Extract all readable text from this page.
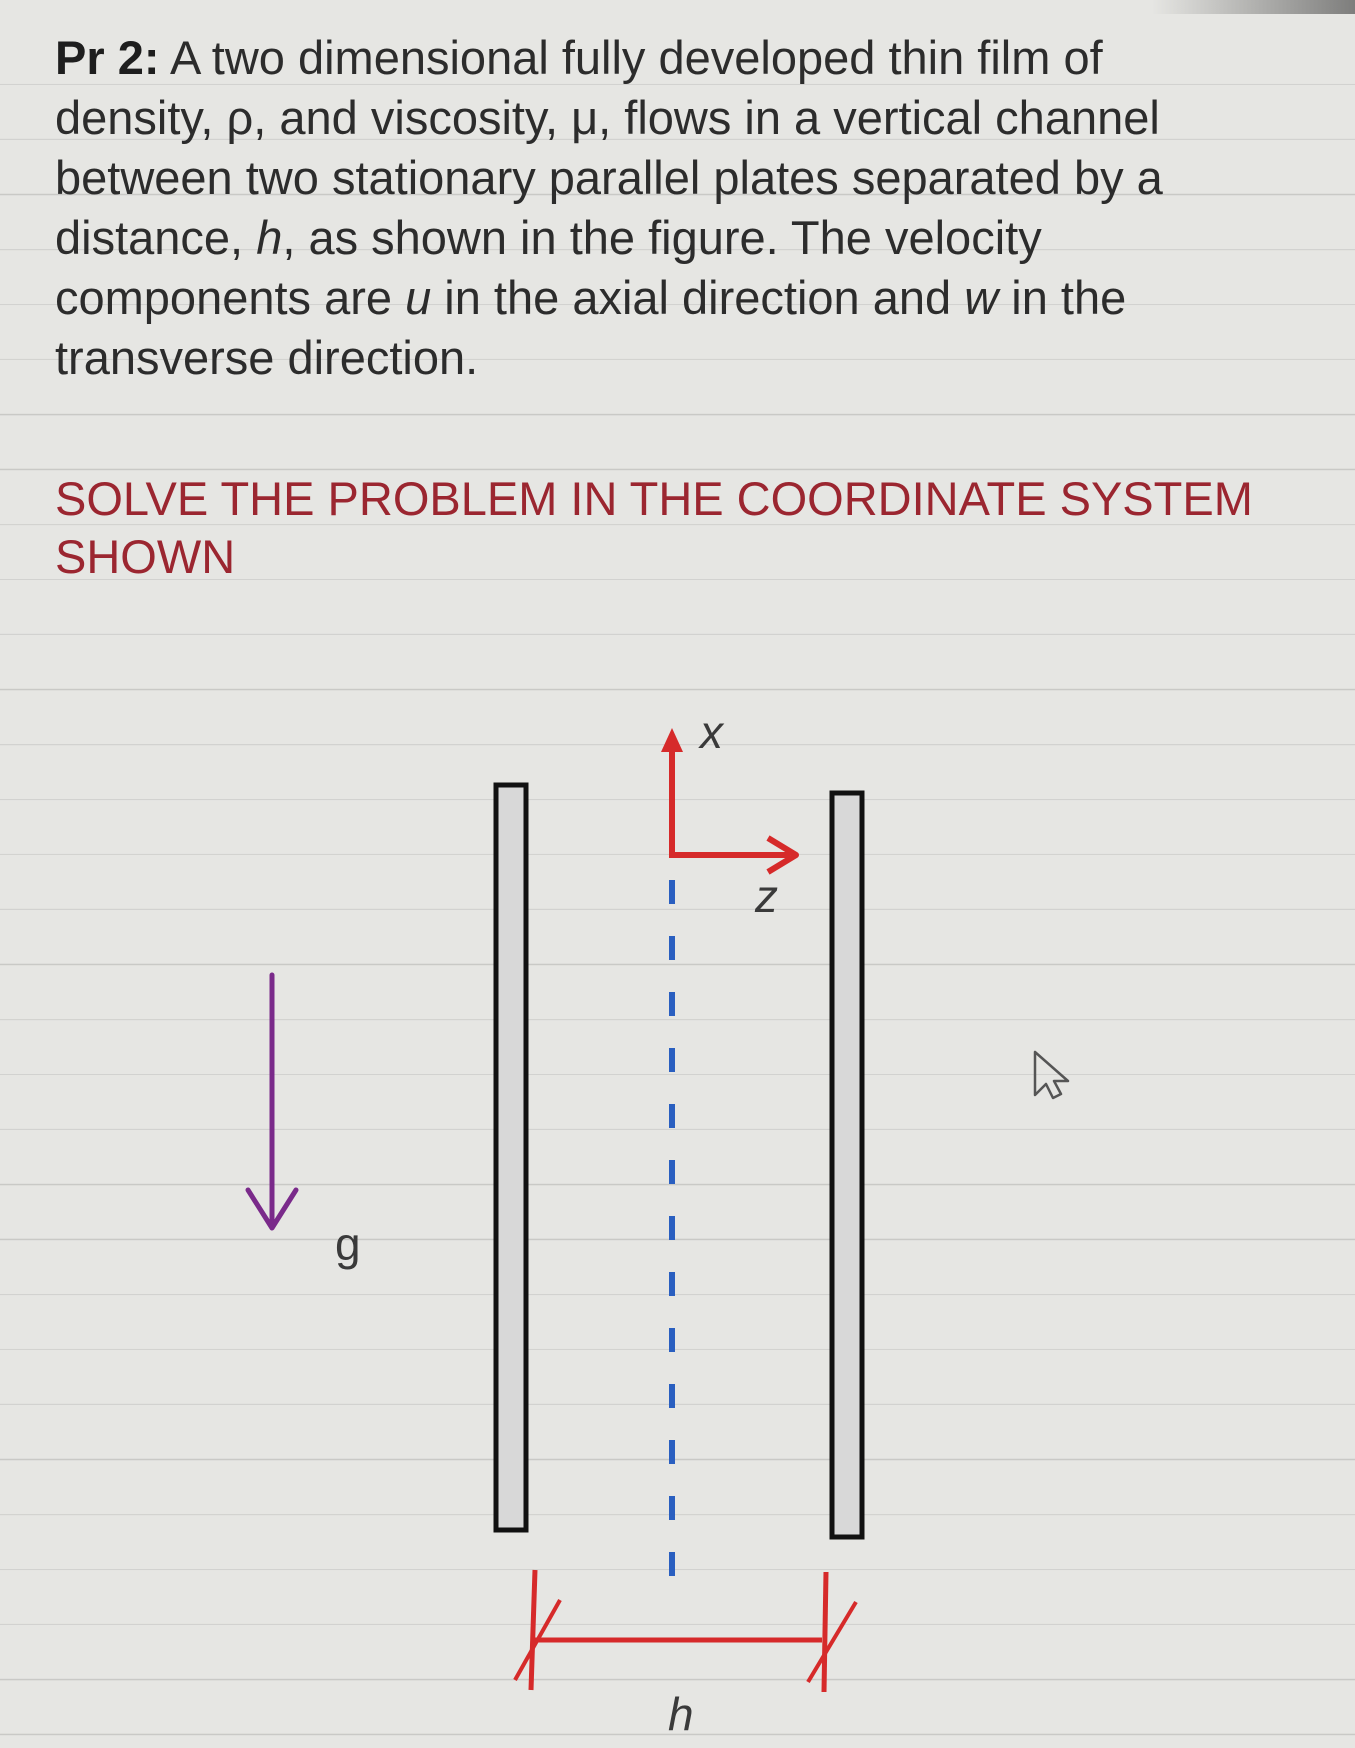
Pr 2: A two dimensional fully developed thin film of density, ρ, and viscosity, μ, flows in a vertical channel between two stationary parallel plates separated by a distance, h, as shown in the figure. The velocity components are u in the axial direction and w in the transverse direction.

SOLVE THE PROBLEM IN THE COORDINATE SYSTEM
SHOWN

g
x
z
h
